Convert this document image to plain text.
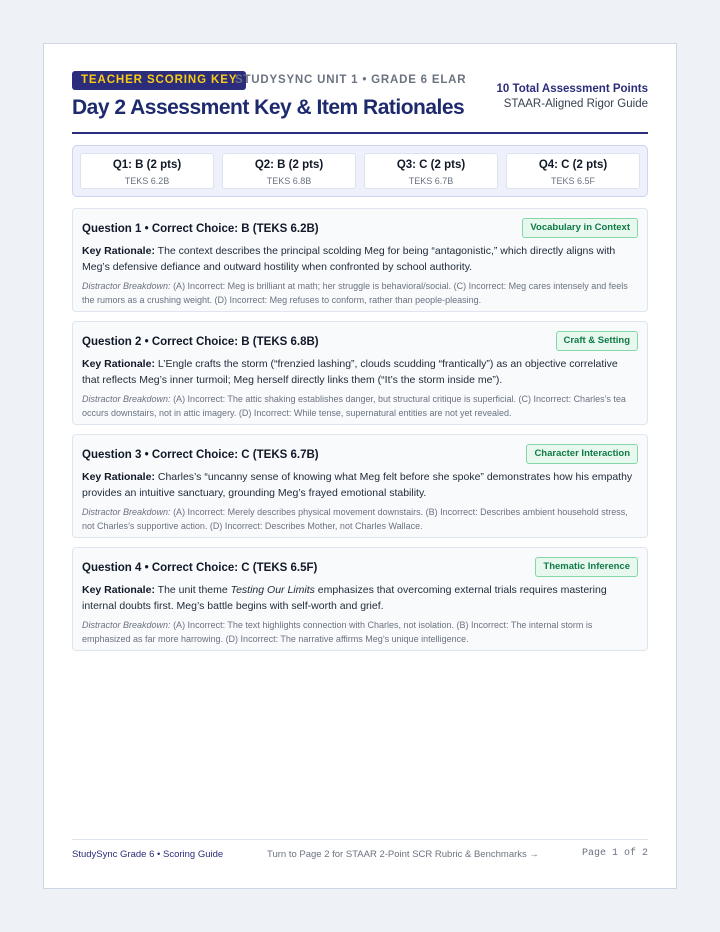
TEACHER SCORING KEY
STUDYSYNC UNIT 1 • GRADE 6 ELAR
Day 2 Assessment Key & Item Rationales
10 Total Assessment Points
STAAR-Aligned Rigor Guide
Q1: B (2 pts)
TEKS 6.2B
Q2: B (2 pts)
TEKS 6.8B
Q3: C (2 pts)
TEKS 6.7B
Q4: C (2 pts)
TEKS 6.5F
Question 1 • Correct Choice: B (TEKS 6.2B)	Vocabulary in Context

Key Rationale: The context describes the principal scolding Meg for being “antagonistic,” which directly aligns with Meg’s defensive defiance and outward hostility when confronted by school authority.

Distractor Breakdown: (A) Incorrect: Meg is brilliant at math; her struggle is behavioral/social. (C) Incorrect: Meg cares intensely and feels the rumors as a crushing weight. (D) Incorrect: Meg refuses to conform, rather than people-pleasing.

Question 2 • Correct Choice: B (TEKS 6.8B)	Craft & Setting

Key Rationale: L’Engle crafts the storm (“frenzied lashing”, clouds scudding “frantically”) as an objective correlative that reflects Meg’s inner turmoil; Meg herself directly links them (“It’s the storm inside me”).

Distractor Breakdown: (A) Incorrect: The attic shaking establishes danger, but structural critique is superficial. (C) Incorrect: Charles’s tea occurs downstairs, not in attic imagery. (D) Incorrect: While tense, supernatural entities are not yet revealed.

Question 3 • Correct Choice: C (TEKS 6.7B)	Character Interaction

Key Rationale: Charles’s “uncanny sense of knowing what Meg felt before she spoke” demonstrates how his empathy provides an intuitive sanctuary, grounding Meg’s frayed emotional stability.

Distractor Breakdown: (A) Incorrect: Merely describes physical movement downstairs. (B) Incorrect: Describes ambient household stress, not Charles’s supportive action. (D) Incorrect: Describes Mother, not Charles Wallace.

Question 4 • Correct Choice: C (TEKS 6.5F)	Thematic Inference

Key Rationale: The unit theme Testing Our Limits emphasizes that overcoming external trials requires mastering internal doubts first. Meg’s battle begins with self-worth and grief.

Distractor Breakdown: (A) Incorrect: The text highlights connection with Charles, not isolation. (B) Incorrect: The internal storm is emphasized as far more harrowing. (D) Incorrect: The narrative affirms Meg’s unique intelligence.

StudySync Grade 6 • Scoring Guide	Turn to Page 2 for STAAR 2-Point SCR Rubric & Benchmarks →	Page 1 of 2
